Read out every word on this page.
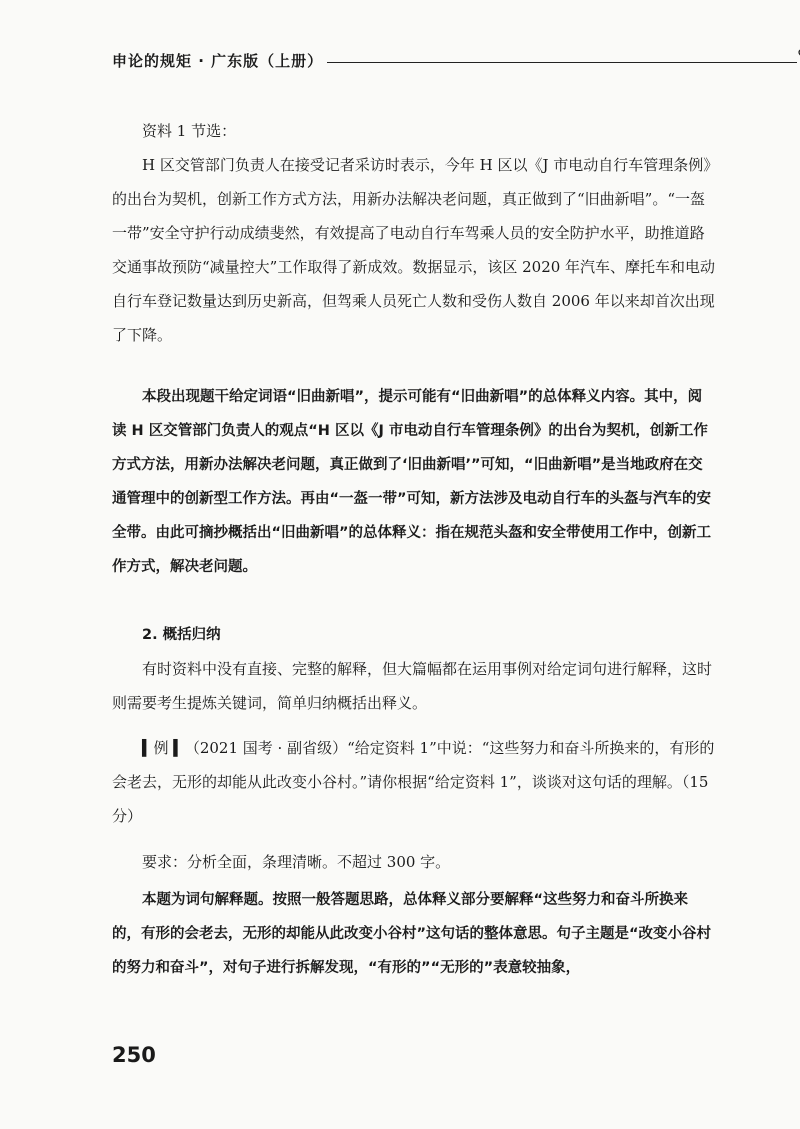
申论的规矩 · 广东版（上册）

资料 1 节选：

H 区交管部门负责人在接受记者采访时表示，今年 H 区以《J 市电动自行车管理条例》的出台为契机，创新工作方式方法，用新办法解决老问题，真正做到了“旧曲新唱”。“一盔一带”安全守护行动成绩斐然，有效提高了电动自行车驾乘人员的安全防护水平，助推道路交通事故预防“减量控大”工作取得了新成效。数据显示，该区 2020 年汽车、摩托车和电动自行车登记数量达到历史新高，但驾乘人员死亡人数和受伤人数自 2006 年以来却首次出现了下降。

本段出现题干给定词语“旧曲新唱”，提示可能有“旧曲新唱”的总体释义内容。其中，阅读 H 区交管部门负责人的观点“H 区以《J 市电动自行车管理条例》的出台为契机，创新工作方式方法，用新办法解决老问题，真正做到了‘旧曲新唱’”可知，“旧曲新唱”是当地政府在交通管理中的创新型工作方法。再由“一盔一带”可知，新方法涉及电动自行车的头盔与汽车的安全带。由此可摘抄概括出“旧曲新唱”的总体释义：指在规范头盔和安全带使用工作中，创新工作方式，解决老问题。

2. 概括归纳

有时资料中没有直接、完整的解释，但大篇幅都在运用事例对给定词句进行解释，这时则需要考生提炼关键词，简单归纳概括出释义。

▍例 ▍（2021 国考 · 副省级）“给定资料 1”中说：“这些努力和奋斗所换来的，有形的会老去，无形的却能从此改变小谷村。”请你根据“给定资料 1”，谈谈对这句话的理解。（15 分）

要求：分析全面，条理清晰。不超过 300 字。

本题为词句解释题。按照一般答题思路，总体释义部分要解释“这些努力和奋斗所换来的，有形的会老去，无形的却能从此改变小谷村”这句话的整体意思。句子主题是“改变小谷村的努力和奋斗”，对句子进行拆解发现，“有形的”“无形的”表意较抽象，

250
